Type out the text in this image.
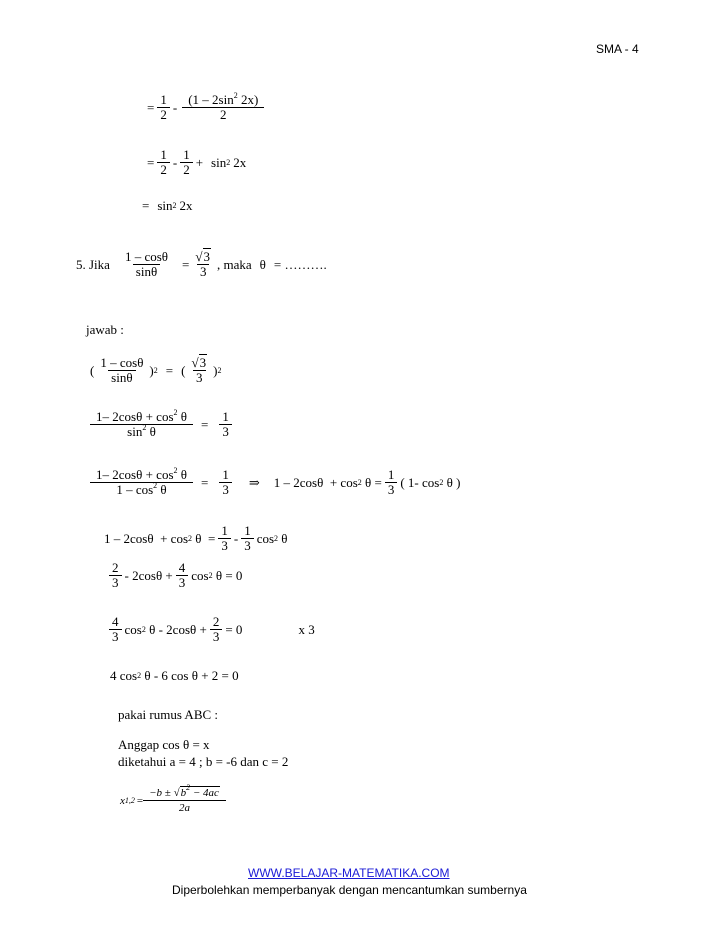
SMA - 4
= $\frac{1}{2} - \frac{(1 - 2\sin^2 2x)}{2}$
= $\frac{1}{2} - \frac{1}{2} + \sin 2$ 2x
= sin 2 2x
5. Jika $\frac{1 - \cos\theta}{\sin\theta} = \frac{√3}{3}$ , maka θ = ……….
jawab :
( $\frac{1 - \cos\theta}{\sin\theta}$ ) 2 = ( $\frac{√3}{3}$ ) 2
$\frac{1- 2\cos\theta + \cos^2 \theta}{\sin^2 \theta} = \frac{1}{3}$
$\frac{1- 2\cos\theta + \cos^2 \theta}{1 - \cos^2 \theta} = \frac{1}{3}$ ⇒ 1 – 2 cos θ + cos 2
$\theta = \frac{1}{3}$ ( 1- cos 2
θ )
1 – 2 cos θ + cos 2
$\theta = \frac{1}{3} - \frac{1}{3}$ cos 2
θ
$\frac{2}{3} - 2$ $\cos \theta + \frac{4}{3}$ cos 2
θ = 0
$\frac{4}{3}$ cos 2
θ
- 2 $\cos \theta + \frac{2}{3} = 0$	x 3
4 cos 2
θ - 6 cos θ + 2 = 0
pakai rumus ABC :
Anggap cos θ = x
diketahui a = 4 ; b = -6 dan c = 2
x $1,2 = \frac{-b \pm √b^2 - 4ac}{2a}$
WWW.BELAJAR-MATEMATIKA.COM
Diperbolehkan memperbanyak dengan mencantumkan sumbernya
